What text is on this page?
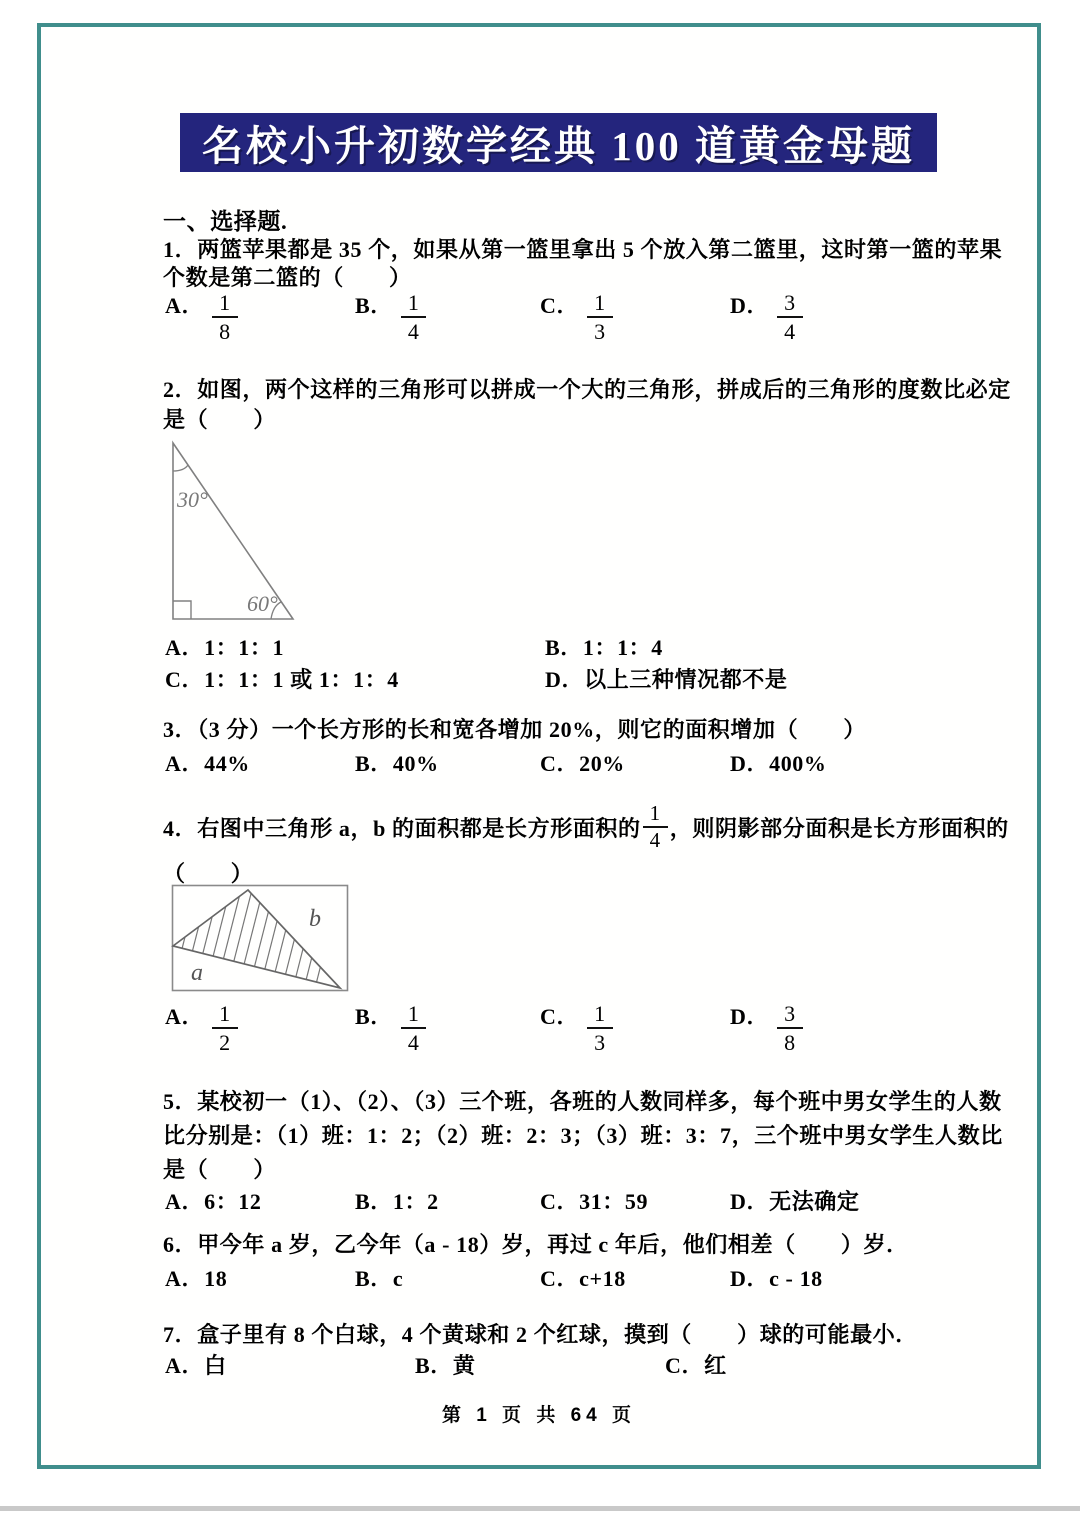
名校小升初数学经典 100 道黄金母题
一、选择题.
1．两篮苹果都是 35 个，如果从第一篮里拿出 5 个放入第二篮里，这时第一篮的苹果
个数是第二篮的（　　）
A． $\frac{1}{8}$	B． $\frac{1}{4}$	C． $\frac{1}{3}$	D． $\frac{3}{4}$
2．如图，两个这样的三角形可以拼成一个大的三角形，拼成后的三角形的度数比必定
是（　　）
30°
60°
A．1：1：1	B．1：1：4
C．1：1：1 或 1：1：4	D．以上三种情况都不是
3．（3 分）一个长方形的长和宽各增加 20%，则它的面积增加（　　）
A．44%	B．40%	C．20%	D．400%
4．右图中三角形 a，b 的面积都是长方形面积的 $\frac{1}{4}$ ，则阴影部分面积是长方形面积的
（　　）
b
a
A． $\frac{1}{2}$	B． $\frac{1}{4}$	C． $\frac{1}{3}$	D． $\frac{3}{8}$
5．某校初一（1）、（2）、（3）三个班，各班的人数同样多，每个班中男女学生的人数
比分别是：（1）班：1：2；（2）班：2：3；（3）班：3：7，三个班中男女学生人数比
是（　　）
A．6：12	B．1：2	C．31：59	D．无法确定
6．甲今年 a 岁，乙今年（a - 18）岁，再过 c 年后，他们相差（　　）岁．
A．18	B．c	C．c+18	D．c - 18
7．盒子里有 8 个白球，4 个黄球和 2 个红球，摸到（　　）球的可能最小．
A．白	B．黄	C．红
第 1 页 共 64 页
